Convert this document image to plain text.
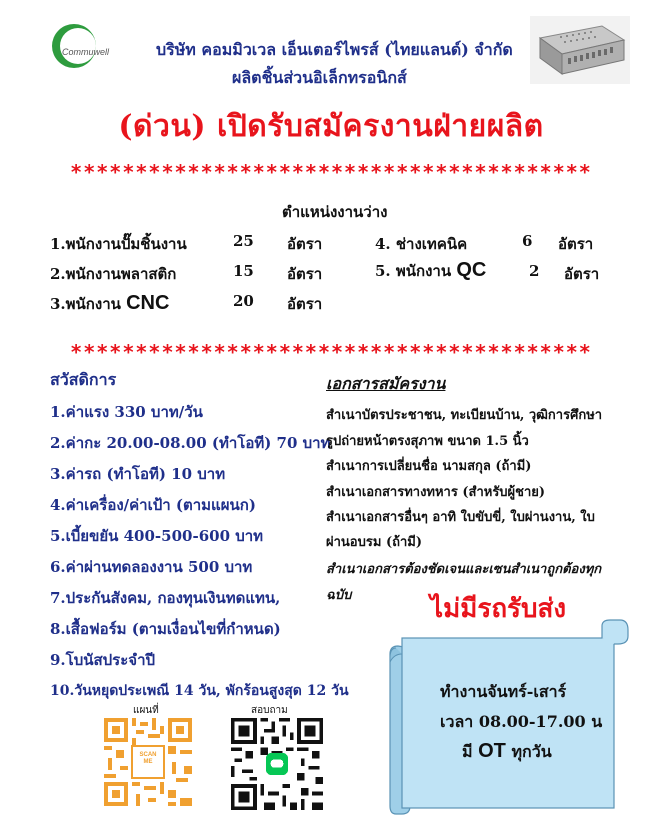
Commuwell	บริษัท คอมมิวเวล เอ็นเตอร์ไพรส์ (ไทยแลนด์) จำกัด
ผลิตชิ้นส่วนอิเล็กทรอนิกส์
(ด่วน) เปิดรับสมัครงานฝ่ายผลิต
****************************************
ตำแหน่งงานว่าง
1.พนักงานปั๊มชิ้นงาน	25 อัตรา
2.พนักงานพลาสติก	15 อัตรา
3.พนักงาน CNC	20 อัตรา
4. ช่างเทคนิค	6 อัตรา
5. พนักงาน QC	2 อัตรา
****************************************
สวัสดิการ
1.ค่าแรง 330 บาท/วัน
2.ค่ากะ 20.00-08.00 (ทำโอที) 70 บาท
3.ค่ารถ (ทำโอที) 10 บาท
4.ค่าเครื่อง/ค่าเป้า (ตามแผนก)
5.เบี้ยขยัน 400-500-600 บาท
6.ค่าผ่านทดลองงาน 500 บาท
7.ประกันสังคม, กองทุนเงินทดแทน,
8.เสื้อฟอร์ม (ตามเงื่อนไขที่กำหนด)
9.โบนัสประจำปี
10.วันหยุดประเพณี 14 วัน, พักร้อนสูงสุด 12 วัน
เอกสารสมัครงาน
สำเนาบัตรประชาชน, ทะเบียนบ้าน, วุฒิการศึกษา
รูปถ่ายหน้าตรงสุภาพ ขนาด 1.5 นิ้ว
สำเนาการเปลี่ยนชื่อ นามสกุล (ถ้ามี)
สำเนาเอกสารทางทหาร (สำหรับผู้ชาย)
สำเนาเอกสารอื่นๆ อาทิ ใบขับขี่, ใบผ่านงาน, ใบ
ผ่านอบรม (ถ้ามี)
สำเนาเอกสารต้องชัดเจนและเซนสำเนาถูกต้องทุก
ฉบับ	ไม่มีรถรับส่ง
ทำงานจันทร์-เสาร์
เวลา 08.00-17.00 น
มี OT ทุกวัน
แผนที่	สอบถาม
SCAN ME
